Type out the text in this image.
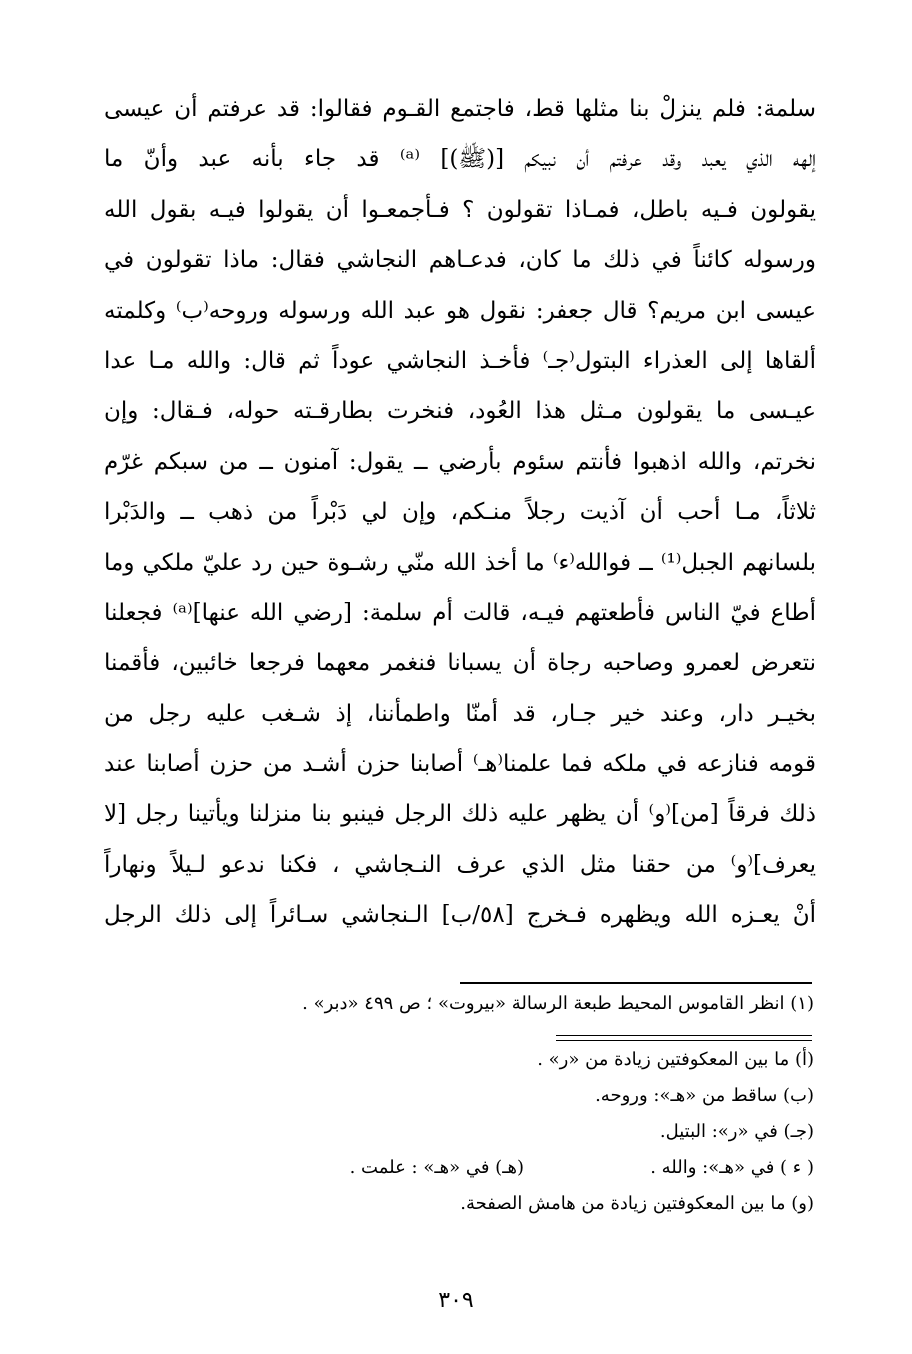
سلمة: فلم ينزلْ بنا مثلها قط، فاجتمع القـوم فقالوا: قد عرفتم أن عيسى
إلهه الذي يعبد وقد عرفتم أن نبيكم [(ﷺ)] ⁽ᵃ⁾ قد جاء بأنه عبد وأنّ ما
يقولون فـيه باطل، فمـاذا تقولون ؟ فـأجمعـوا أن يقولوا فيـه بقول الله
ورسوله كائناً في ذلك ما كان، فدعـاهم النجاشي فقال: ماذا تقولون في
عيسى ابن مريم؟ قال جعفر: نقول هو عبد الله ورسوله وروحه⁽ب⁾ وكلمته
ألقاها إلى العذراء البتول⁽جـ⁾ فأخـذ النجاشي عوداً ثم قال: والله مـا عدا
عيـسى ما يقولون مـثل هذا العُود، فنخرت بطارقـته حوله، فـقال: وإن
نخرتم، والله اذهبوا فأنتم سئوم بأرضي ــ يقول: آمنون ــ من سبكم غرّم
ثلاثاً، مـا أحب أن آذيت رجلاً منـكم، وإن لي دَبْراً من ذهب ــ والدَبْرا
بلسانهم الجبل⁽¹⁾ ــ فوالله⁽ء⁾ ما أخذ الله منّي رشـوة حين رد عليّ ملكي وما
أطاع فيّ الناس فأطعتهم فيـه، قالت أم سلمة: [رضي الله عنها]⁽ᵃ⁾ فجعلنا
نتعرض لعمرو وصاحبه رجاة أن يسبانا فنغمر معهما فرجعا خائبين، فأقمنا
بخيـر دار، وعند خير جـار، قد أمنّا واطمأننا، إذ شـغب عليه رجل من
قومه فنازعه في ملكه فما علمنا⁽هـ⁾ أصابنا حزن أشـد من حزن أصابنا عند
ذلك فرقاً [من]⁽و⁾ أن يظهر عليه ذلك الرجل فينبو بنا منزلنا ويأتينا رجل [لا
يعرف]⁽و⁾ من حقنا مثل الذي عرف النـجاشي ، فكنا ندعو لـيلاً ونهاراً
أنْ يعـزه الله ويظهره فـخرج [٥٨/ب] الـنجاشي سـائراً إلى ذلك الرجل
(١) انظر القاموس المحيط طبعة الرسالة «بيروت» ؛ ص ٤٩٩ «دبر» .
(أ) ما بين المعكوفتين زيادة من «ر» .
(ب) ساقط من «هـ»: وروحه.
(جـ) في «ر»: البتيل.
( ء ) في «هـ»: والله .
(هـ) في «هـ» : علمت .
(و) ما بين المعكوفتين زيادة من هامش الصفحة.
٣٠٩
